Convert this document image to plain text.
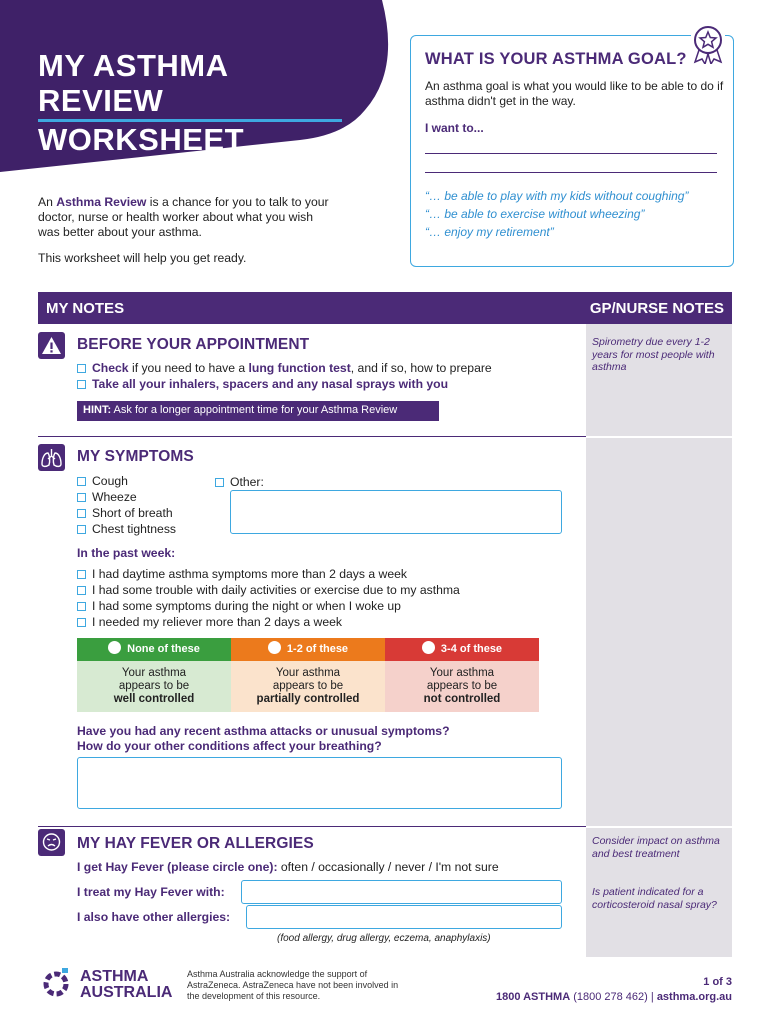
MY ASTHMA REVIEW
WORKSHEET
An Asthma Review is a chance for you to talk to your doctor, nurse or health worker about what you wish was better about your asthma.
This worksheet will help you get ready.
WHAT IS YOUR ASTHMA GOAL?
An asthma goal is what you would like to be able to do if asthma didn't get in the way.
I want to...
“… be able to play with my kids without coughing”
“… be able to exercise without wheezing”
“… enjoy my retirement”
MY NOTES	GP/NURSE NOTES
Spirometry due every 1-2 years for most people with asthma
Consider impact on asthma and best treatment
Is patient indicated for a corticosteroid nasal spray?
BEFORE YOUR APPOINTMENT
Check if you need to have a lung function test, and if so, how to prepare
Take all your inhalers, spacers and any nasal sprays with you
HINT: Ask for a longer appointment time for your Asthma Review
MY SYMPTOMS
Cough
Wheeze
Short of breath
Chest tightness
Other:
In the past week:
I had daytime asthma symptoms more than 2 days a week
I had some trouble with daily activities or exercise due to my asthma
I had some symptoms during the night or when I woke up
I needed my reliever more than 2 days a week
None of these
Your asthma
appears to be
well controlled
1-2 of these
Your asthma
appears to be
partially controlled
3-4 of these
Your asthma
appears to be
not controlled
Have you had any recent asthma attacks or unusual symptoms?
How do your other conditions affect your breathing?
MY HAY FEVER OR ALLERGIES
I get Hay Fever (please circle one): often / occasionally / never / I'm not sure
I treat my Hay Fever with:
I also have other allergies:
(food allergy, drug allergy, eczema, anaphylaxis)
ASTHMA
AUSTRALIA
Asthma Australia acknowledge the support of AstraZeneca. AstraZeneca have not been involved in the development of this resource.
1 of 3
1800 ASTHMA (1800 278 462) | asthma.org.au
